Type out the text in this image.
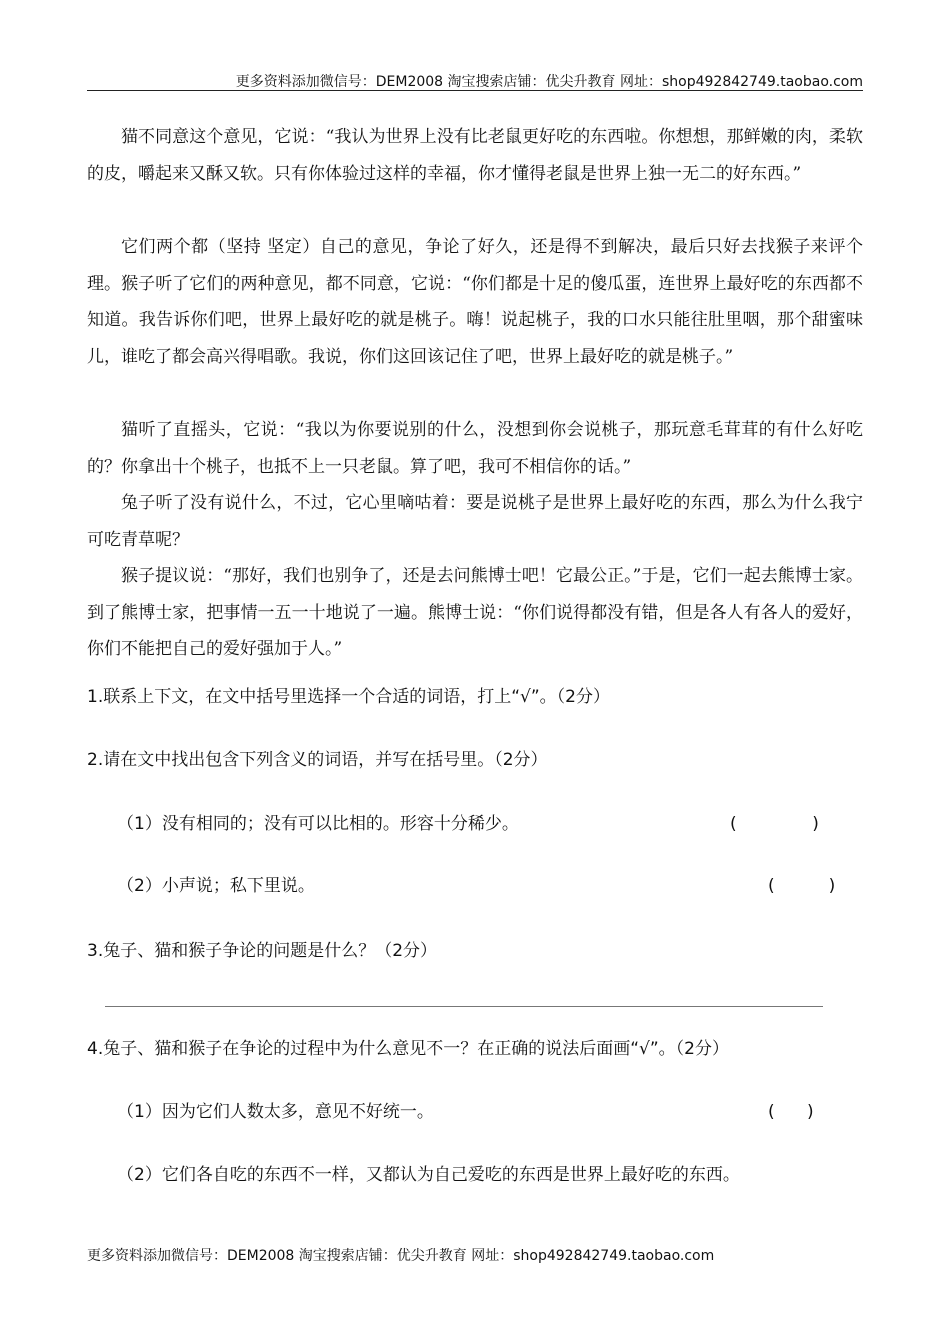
更多资料添加微信号：DEM2008 淘宝搜索店铺：优尖升教育 网址：shop492842749.taobao.com

猫不同意这个意见，它说：“我认为世界上没有比老鼠更好吃的东西啦。你想想，那鲜嫩的肉，柔软的皮，嚼起来又酥又软。只有你体验过这样的幸福，你才懂得老鼠是世界上独一无二的好东西。”

它们两个都（坚持 坚定）自己的意见，争论了好久，还是得不到解决，最后只好去找猴子来评个理。猴子听了它们的两种意见，都不同意，它说：“你们都是十足的傻瓜蛋，连世界上最好吃的东西都不知道。我告诉你们吧，世界上最好吃的就是桃子。嗨！说起桃子，我的口水只能往肚里咽，那个甜蜜味儿，谁吃了都会高兴得唱歌。我说，你们这回该记住了吧，世界上最好吃的就是桃子。”

猫听了直摇头，它说：“我以为你要说别的什么，没想到你会说桃子，那玩意毛茸茸的有什么好吃的？你拿出十个桃子，也抵不上一只老鼠。算了吧，我可不相信你的话。”

兔子听了没有说什么，不过，它心里嘀咕着：要是说桃子是世界上最好吃的东西，那么为什么我宁可吃青草呢？

猴子提议说：“那好，我们也别争了，还是去问熊博士吧！它最公正。”于是，它们一起去熊博士家。到了熊博士家，把事情一五一十地说了一遍。熊博士说：“你们说得都没有错，但是各人有各人的爱好，你们不能把自己的爱好强加于人。”

1.联系上下文，在文中括号里选择一个合适的词语，打上“√”。（2分）
2.请在文中找出包含下列含义的词语，并写在括号里。（2分）
（1）没有相同的；没有可以比相的。形容十分稀少。	(              )
（2）小声说；私下里说。	(          )
3.兔子、猫和猴子争论的问题是什么？（2分）
4.兔子、猫和猴子在争论的过程中为什么意见不一？在正确的说法后面画“√”。（2分）
（1）因为它们人数太多，意见不好统一。	(      )
（2）它们各自吃的东西不一样，又都认为自己爱吃的东西是世界上最好吃的东西。
更多资料添加微信号：DEM2008 淘宝搜索店铺：优尖升教育 网址：shop492842749.taobao.com
